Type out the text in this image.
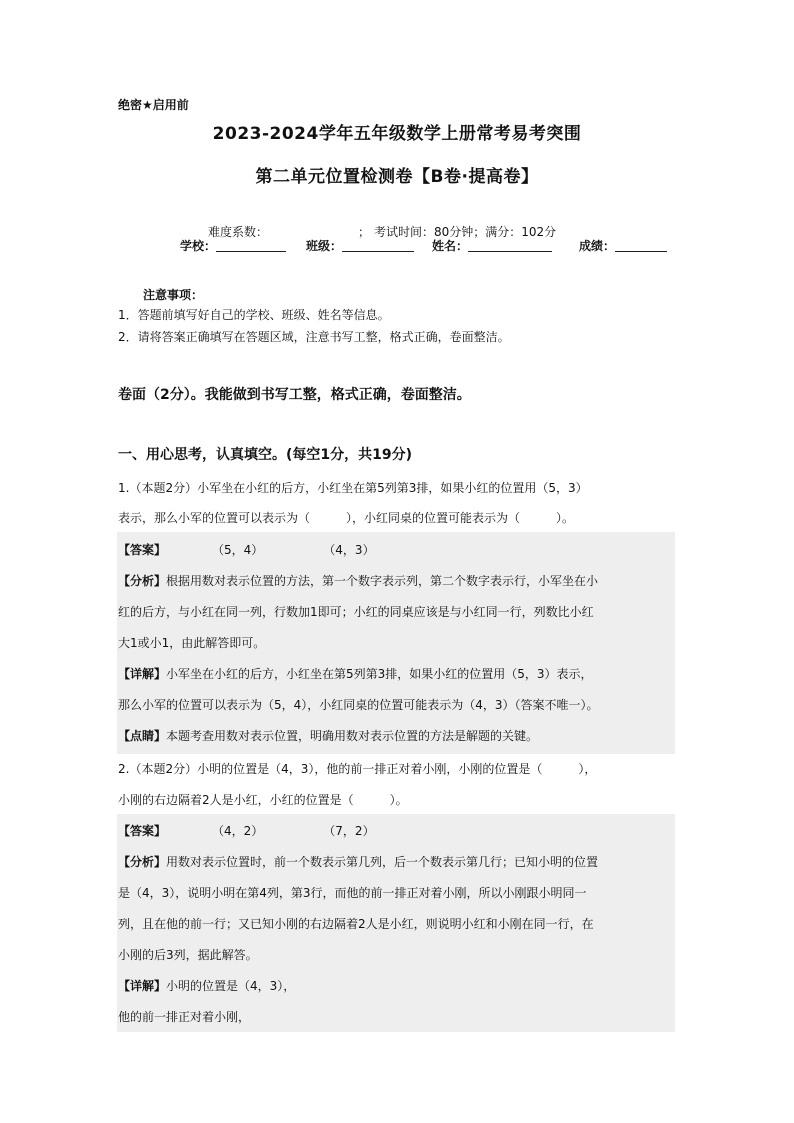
绝密★启用前
2023-2024学年五年级数学上册常考易考突围
第二单元位置检测卷【B卷·提高卷】
难度系数：	； 考试时间：80分钟；满分：102分
学校：	班级：	姓名：	成绩：
注意事项：
1．答题前填写好自己的学校、班级、姓名等信息。
2．请将答案正确填写在答题区域，注意书写工整，格式正确，卷面整洁。
卷面（2分）。我能做到书写工整，格式正确，卷面整洁。
一、用心思考，认真填空。(每空1分，共19分)
1.（本题2分）小军坐在小红的后方，小红坐在第5列第3排，如果小红的位置用（5，3）
表示，那么小军的位置可以表示为（　　　），小红同桌的位置可能表示为（　　　）。
【答案】	（5，4）	（4，3）
【分析】根据用数对表示位置的方法，第一个数字表示列，第二个数字表示行，小军坐在小
红的后方，与小红在同一列，行数加1即可；小红的同桌应该是与小红同一行，列数比小红
大1或小1，由此解答即可。
【详解】小军坐在小红的后方，小红坐在第5列第3排，如果小红的位置用（5，3）表示，
那么小军的位置可以表示为（5，4），小红同桌的位置可能表示为（4，3）（答案不唯一）。
【点睛】本题考查用数对表示位置，明确用数对表示位置的方法是解题的关键。
2.（本题2分）小明的位置是（4，3），他的前一排正对着小刚，小刚的位置是（　　　），
小刚的右边隔着2人是小红，小红的位置是（　　　）。
【答案】	（4，2）	（7，2）
【分析】用数对表示位置时，前一个数表示第几列，后一个数表示第几行；已知小明的位置
是（4，3），说明小明在第4列，第3行，而他的前一排正对着小刚，所以小刚跟小明同一
列，且在他的前一行；又已知小刚的右边隔着2人是小红，则说明小红和小刚在同一行，在
小刚的后3列，据此解答。
【详解】小明的位置是（4，3），
他的前一排正对着小刚，
